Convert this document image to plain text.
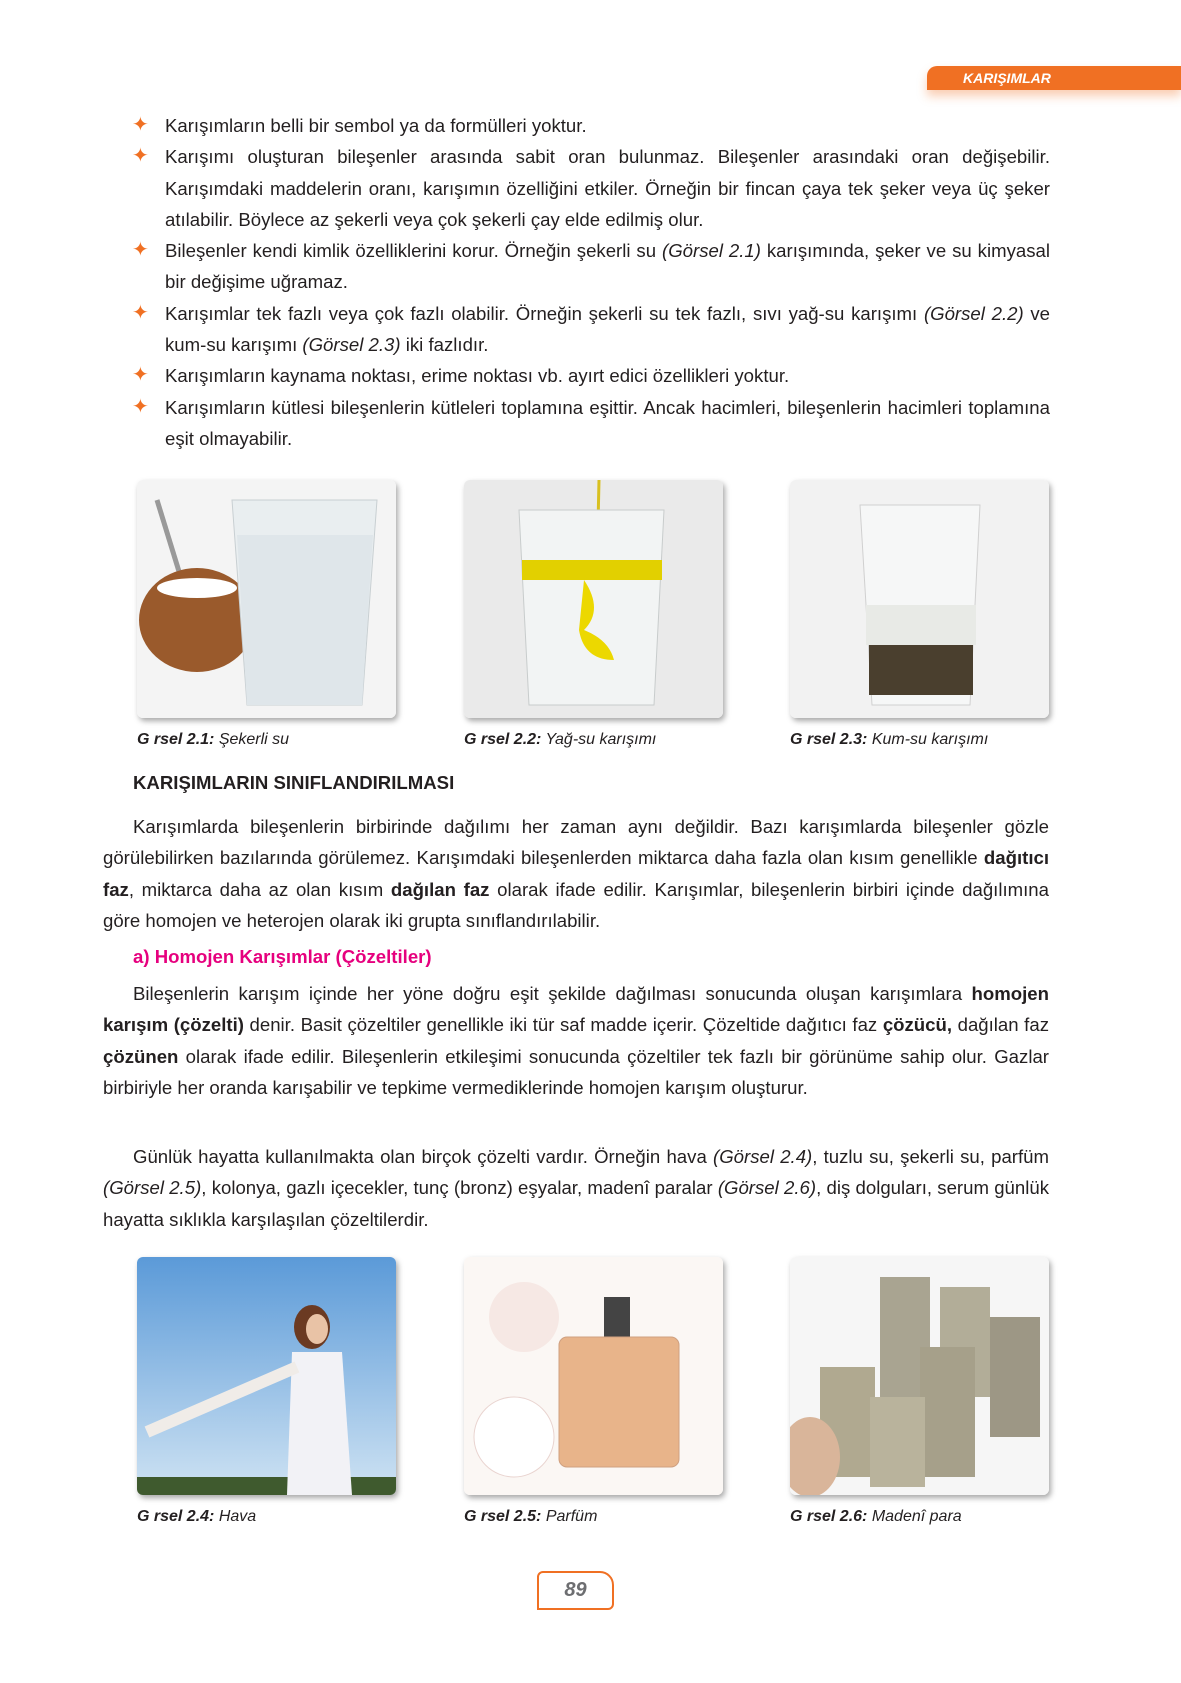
KARIŞIMLAR
✦ Karışımların belli bir sembol ya da formülleri yoktur.
✦ Karışımı oluşturan bileşenler arasında sabit oran bulunmaz. Bileşenler arasındaki oran değişebilir. Karışımdaki maddelerin oranı, karışımın özelliğini etkiler. Örneğin bir fincan çaya tek şeker veya üç şeker atılabilir. Böylece az şekerli veya çok şekerli çay elde edilmiş olur.
✦ Bileşenler kendi kimlik özelliklerini korur. Örneğin şekerli su (Görsel 2.1) karışımında, şeker ve su kimyasal bir değişime uğramaz.
✦ Karışımlar tek fazlı veya çok fazlı olabilir. Örneğin şekerli su tek fazlı, sıvı yağ-su karışımı (Görsel 2.2) ve kum-su karışımı (Görsel 2.3) iki fazlıdır.
✦ Karışımların kaynama noktası, erime noktası vb. ayırt edici özellikleri yoktur.
✦ Karışımların kütlesi bileşenlerin kütleleri toplamına eşittir. Ancak hacimleri, bileşenlerin hacimleri toplamına eşit olmayabilir.
G rsel 2.1: Şekerli su	G rsel 2.2: Yağ-su karışımı	G rsel 2.3: Kum-su karışımı
KARIŞIMLARIN SINIFLANDIRILMASI
Karışımlarda bileşenlerin birbirinde dağılımı her zaman aynı değildir. Bazı karışımlarda bileşenler gözle görülebilirken bazılarında görülemez. Karışımdaki bileşenlerden miktarca daha fazla olan kısım genellikle dağıtıcı faz, miktarca daha az olan kısım dağılan faz olarak ifade edilir. Karışımlar, bileşenlerin birbiri içinde dağılımına göre homojen ve heterojen olarak iki grupta sınıflandırılabilir.
a) Homojen Karışımlar (Çözeltiler)
Bileşenlerin karışım içinde her yöne doğru eşit şekilde dağılması sonucunda oluşan karışımlara homojen karışım (çözelti) denir. Basit çözeltiler genellikle iki tür saf madde içerir. Çözeltide dağıtıcı faz çözücü, dağılan faz çözünen olarak ifade edilir. Bileşenlerin etkileşimi sonucunda çözeltiler tek fazlı bir görünüme sahip olur. Gazlar birbiriyle her oranda karışabilir ve tepkime vermediklerinde homojen karışım oluşturur.
Günlük hayatta kullanılmakta olan birçok çözelti vardır. Örneğin hava (Görsel 2.4), tuzlu su, şekerli su, parfüm (Görsel 2.5), kolonya, gazlı içecekler, tunç (bronz) eşyalar, madenî paralar (Görsel 2.6), diş dolguları, serum günlük hayatta sıklıkla karşılaşılan çözeltilerdir.
G rsel 2.4: Hava	G rsel 2.5: Parfüm	G rsel 2.6: Madenî para
89
